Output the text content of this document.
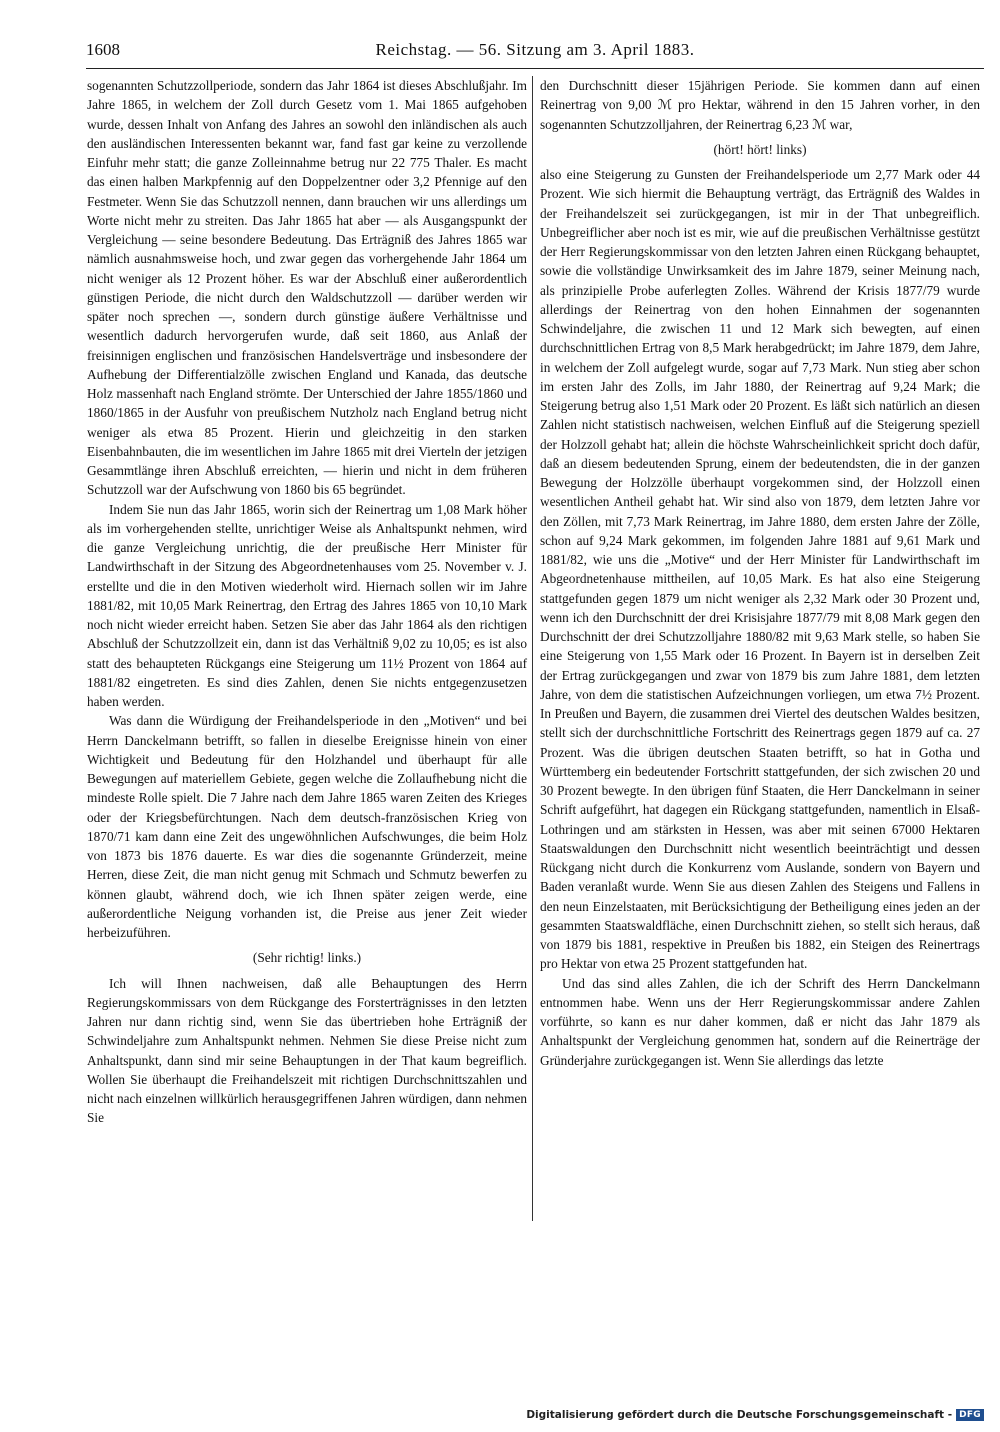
1608	Reichstag. — 56. Sitzung am 3. April 1883.

sogenannten Schutzzollperiode, sondern das Jahr 1864 ist dieses Abschlußjahr. Im Jahre 1865, in welchem der Zoll durch Gesetz vom 1. Mai 1865 aufgehoben wurde, dessen Inhalt von Anfang des Jahres an sowohl den inländischen als auch den ausländischen Interessenten bekannt war, fand fast gar keine zu verzollende Einfuhr mehr statt; die ganze Zolleinnahme betrug nur 22 775 Thaler. Es macht das einen halben Markpfennig auf den Doppelzentner oder 3,2 Pfennige auf den Festmeter. Wenn Sie das Schutzzoll nennen, dann brauchen wir uns allerdings um Worte nicht mehr zu streiten. Das Jahr 1865 hat aber — als Ausgangspunkt der Vergleichung — seine besondere Bedeutung. Das Erträgniß des Jahres 1865 war nämlich ausnahmsweise hoch, und zwar gegen das vorhergehende Jahr 1864 um nicht weniger als 12 Prozent höher. Es war der Abschluß einer außerordentlich günstigen Periode, die nicht durch den Waldschutzzoll — darüber werden wir später noch sprechen —, sondern durch günstige äußere Verhältnisse und wesentlich dadurch hervorgerufen wurde, daß seit 1860, aus Anlaß der freisinnigen englischen und französischen Handelsverträge und insbesondere der Aufhebung der Differentialzölle zwischen England und Kanada, das deutsche Holz massenhaft nach England strömte. Der Unterschied der Jahre 1855/1860 und 1860/1865 in der Ausfuhr von preußischem Nutzholz nach England betrug nicht weniger als etwa 85 Prozent. Hierin und gleichzeitig in den starken Eisenbahnbauten, die im wesentlichen im Jahre 1865 mit drei Vierteln der jetzigen Gesammtlänge ihren Abschluß erreichten, — hierin und nicht in dem früheren Schutzzoll war der Aufschwung von 1860 bis 65 begründet.

Indem Sie nun das Jahr 1865, worin sich der Reinertrag um 1,08 Mark höher als im vorhergehenden stellte, unrichtiger Weise als Anhaltspunkt nehmen, wird die ganze Vergleichung unrichtig, die der preußische Herr Minister für Landwirthschaft in der Sitzung des Abgeordnetenhauses vom 25. November v. J. erstellte und die in den Motiven wiederholt wird. Hiernach sollen wir im Jahre 1881/82, mit 10,05 Mark Reinertrag, den Ertrag des Jahres 1865 von 10,10 Mark noch nicht wieder erreicht haben. Setzen Sie aber das Jahr 1864 als den richtigen Abschluß der Schutzzollzeit ein, dann ist das Verhältniß 9,02 zu 10,05; es ist also statt des behaupteten Rückgangs eine Steigerung um 11½ Prozent von 1864 auf 1881/82 eingetreten. Es sind dies Zahlen, denen Sie nichts entgegenzusetzen haben werden.

Was dann die Würdigung der Freihandelsperiode in den „Motiven“ und bei Herrn Danckelmann betrifft, so fallen in dieselbe Ereignisse hinein von einer Wichtigkeit und Bedeutung für den Holzhandel und überhaupt für alle Bewegungen auf materiellem Gebiete, gegen welche die Zollaufhebung nicht die mindeste Rolle spielt. Die 7 Jahre nach dem Jahre 1865 waren Zeiten des Krieges oder der Kriegsbefürchtungen. Nach dem deutsch-französischen Krieg von 1870/71 kam dann eine Zeit des ungewöhnlichen Aufschwunges, die beim Holz von 1873 bis 1876 dauerte. Es war dies die sogenannte Gründerzeit, meine Herren, diese Zeit, die man nicht genug mit Schmach und Schmutz bewerfen zu können glaubt, während doch, wie ich Ihnen später zeigen werde, eine außerordentliche Neigung vorhanden ist, die Preise aus jener Zeit wieder herbeizuführen.

(Sehr richtig! links.)

Ich will Ihnen nachweisen, daß alle Behauptungen des Herrn Regierungskommissars von dem Rückgange des Forsterträgnisses in den letzten Jahren nur dann richtig sind, wenn Sie das übertrieben hohe Erträgniß der Schwindeljahre zum Anhaltspunkt nehmen. Nehmen Sie diese Preise nicht zum Anhaltspunkt, dann sind mir seine Behauptungen in der That kaum begreiflich. Wollen Sie überhaupt die Freihandelszeit mit richtigen Durchschnittszahlen und nicht nach einzelnen willkürlich herausgegriffenen Jahren würdigen, dann nehmen Sie

den Durchschnitt dieser 15jährigen Periode. Sie kommen dann auf einen Reinertrag von 9,00 ℳ pro Hektar, während in den 15 Jahren vorher, in den sogenannten Schutzzolljahren, der Reinertrag 6,23 ℳ war,

(hört! hört! links)

also eine Steigerung zu Gunsten der Freihandelsperiode um 2,77 Mark oder 44 Prozent. Wie sich hiermit die Behauptung verträgt, das Erträgniß des Waldes in der Freihandelszeit sei zurückgegangen, ist mir in der That unbegreiflich. Unbegreiflicher aber noch ist es mir, wie auf die preußischen Verhältnisse gestützt der Herr Regierungskommissar von den letzten Jahren einen Rückgang behauptet, sowie die vollständige Unwirksamkeit des im Jahre 1879, seiner Meinung nach, als prinzipielle Probe auferlegten Zolles. Während der Krisis 1877/79 wurde allerdings der Reinertrag von den hohen Einnahmen der sogenannten Schwindeljahre, die zwischen 11 und 12 Mark sich bewegten, auf einen durchschnittlichen Ertrag von 8,5 Mark herabgedrückt; im Jahre 1879, dem Jahre, in welchem der Zoll aufgelegt wurde, sogar auf 7,73 Mark. Nun stieg aber schon im ersten Jahr des Zolls, im Jahr 1880, der Reinertrag auf 9,24 Mark; die Steigerung betrug also 1,51 Mark oder 20 Prozent. Es läßt sich natürlich an diesen Zahlen nicht statistisch nachweisen, welchen Einfluß auf die Steigerung speziell der Holzzoll gehabt hat; allein die höchste Wahrscheinlichkeit spricht doch dafür, daß an diesem bedeutenden Sprung, einem der bedeutendsten, die in der ganzen Bewegung der Holzzölle überhaupt vorgekommen sind, der Holzzoll einen wesentlichen Antheil gehabt hat. Wir sind also von 1879, dem letzten Jahre vor den Zöllen, mit 7,73 Mark Reinertrag, im Jahre 1880, dem ersten Jahre der Zölle, schon auf 9,24 Mark gekommen, im folgenden Jahre 1881 auf 9,61 Mark und 1881/82, wie uns die „Motive“ und der Herr Minister für Landwirthschaft im Abgeordnetenhause mittheilen, auf 10,05 Mark. Es hat also eine Steigerung stattgefunden gegen 1879 um nicht weniger als 2,32 Mark oder 30 Prozent und, wenn ich den Durchschnitt der drei Krisisjahre 1877/79 mit 8,08 Mark gegen den Durchschnitt der drei Schutzzolljahre 1880/82 mit 9,63 Mark stelle, so haben Sie eine Steigerung von 1,55 Mark oder 16 Prozent. In Bayern ist in derselben Zeit der Ertrag zurückgegangen und zwar von 1879 bis zum Jahre 1881, dem letzten Jahre, von dem die statistischen Aufzeichnungen vorliegen, um etwa 7½ Prozent. In Preußen und Bayern, die zusammen drei Viertel des deutschen Waldes besitzen, stellt sich der durchschnittliche Fortschritt des Reinertrags gegen 1879 auf ca. 27 Prozent. Was die übrigen deutschen Staaten betrifft, so hat in Gotha und Württemberg ein bedeutender Fortschritt stattgefunden, der sich zwischen 20 und 30 Prozent bewegte. In den übrigen fünf Staaten, die Herr Danckelmann in seiner Schrift aufgeführt, hat dagegen ein Rückgang stattgefunden, namentlich in Elsaß-Lothringen und am stärksten in Hessen, was aber mit seinen 67000 Hektaren Staatswaldungen den Durchschnitt nicht wesentlich beeinträchtigt und dessen Rückgang nicht durch die Konkurrenz vom Auslande, sondern von Bayern und Baden veranlaßt wurde. Wenn Sie aus diesen Zahlen des Steigens und Fallens in den neun Einzelstaaten, mit Berücksichtigung der Betheiligung eines jeden an der gesammten Staatswaldfläche, einen Durchschnitt ziehen, so stellt sich heraus, daß von 1879 bis 1881, respektive in Preußen bis 1882, ein Steigen des Reinertrags pro Hektar von etwa 25 Prozent stattgefunden hat.

Und das sind alles Zahlen, die ich der Schrift des Herrn Danckelmann entnommen habe. Wenn uns der Herr Regierungskommissar andere Zahlen vorführte, so kann es nur daher kommen, daß er nicht das Jahr 1879 als Anhaltspunkt der Vergleichung genommen hat, sondern auf die Reinerträge der Gründerjahre zurückgegangen ist. Wenn Sie allerdings das letzte

Digitalisierung gefördert durch die Deutsche Forschungsgemeinschaft - DFG
